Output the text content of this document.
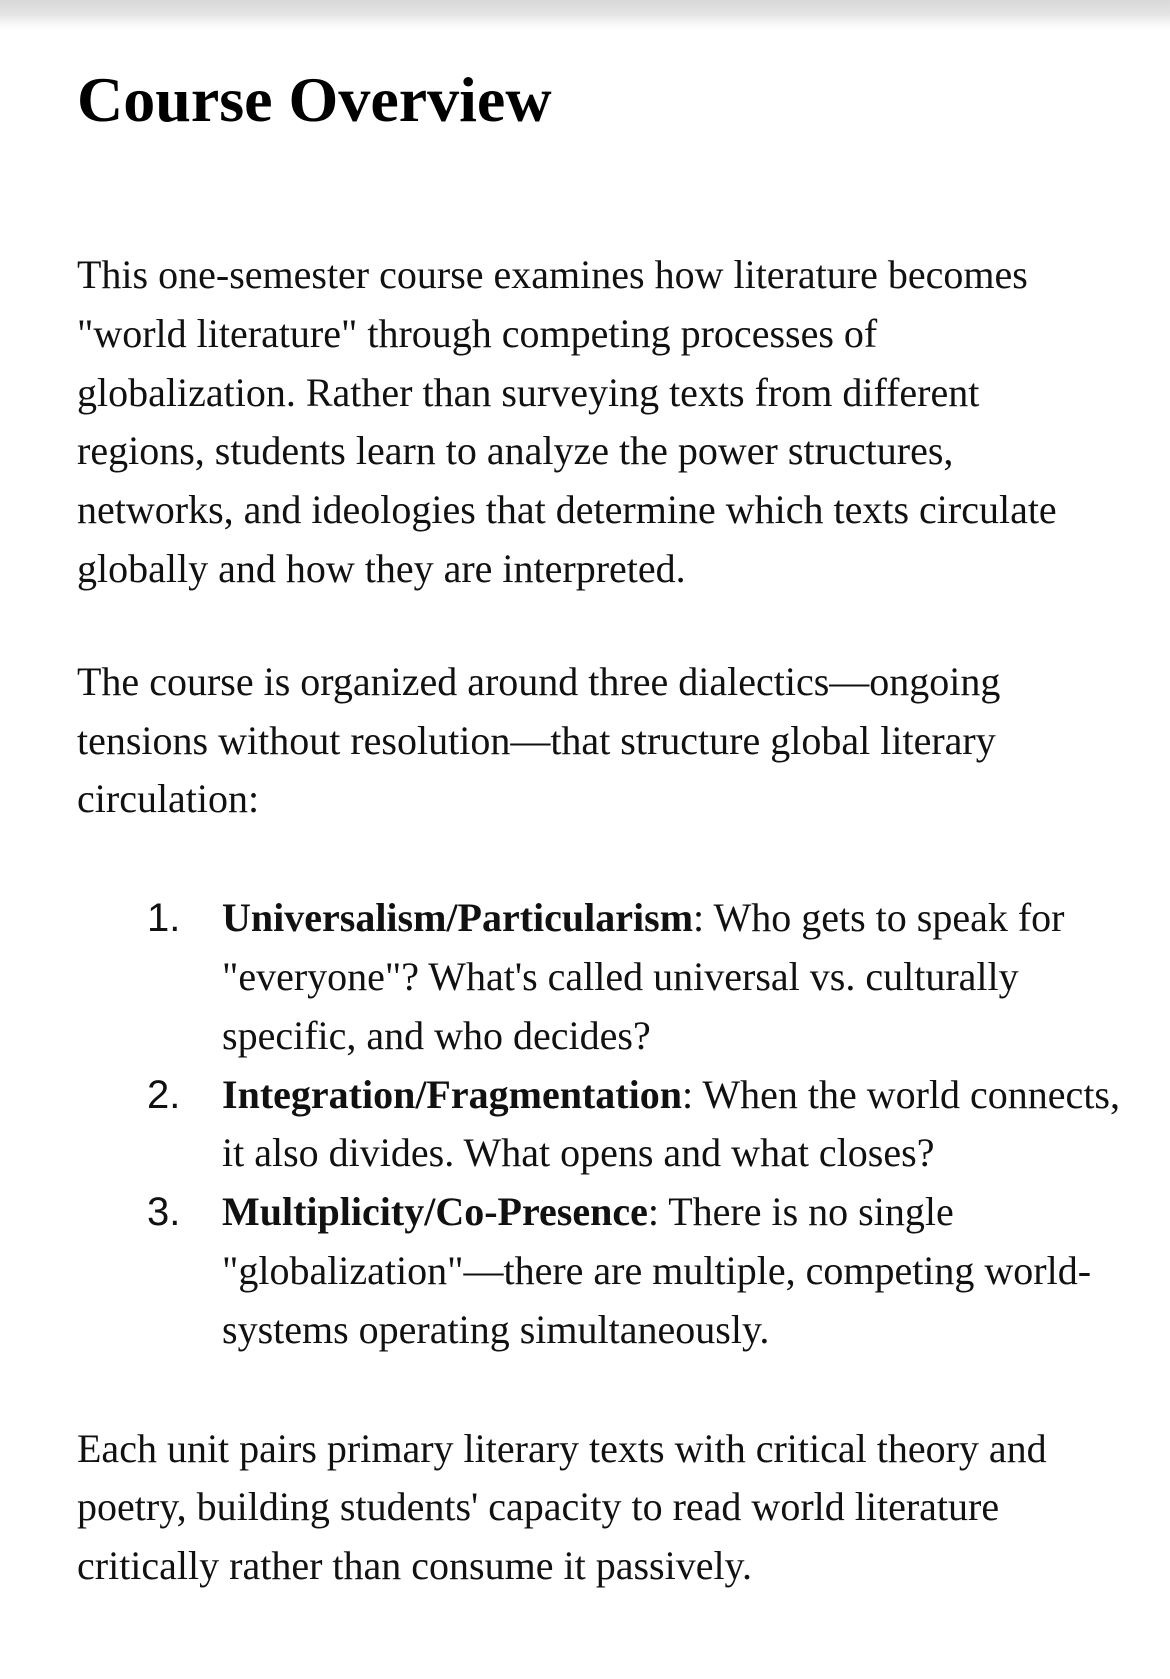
Course Overview

This one-semester course examines how literature becomes "world literature" through competing processes of globalization. Rather than surveying texts from different regions, students learn to analyze the power structures, networks, and ideologies that determine which texts circulate globally and how they are interpreted.

The course is organized around three dialectics—ongoing tensions without resolution—that structure global literary circulation:

1. Universalism/Particularism: Who gets to speak for "everyone"? What's called universal vs. culturally specific, and who decides?
2. Integration/Fragmentation: When the world connects, it also divides. What opens and what closes?
3. Multiplicity/Co-Presence: There is no single "globalization"—there are multiple, competing world-systems operating simultaneously.

Each unit pairs primary literary texts with critical theory and poetry, building students' capacity to read world literature critically rather than consume it passively.
